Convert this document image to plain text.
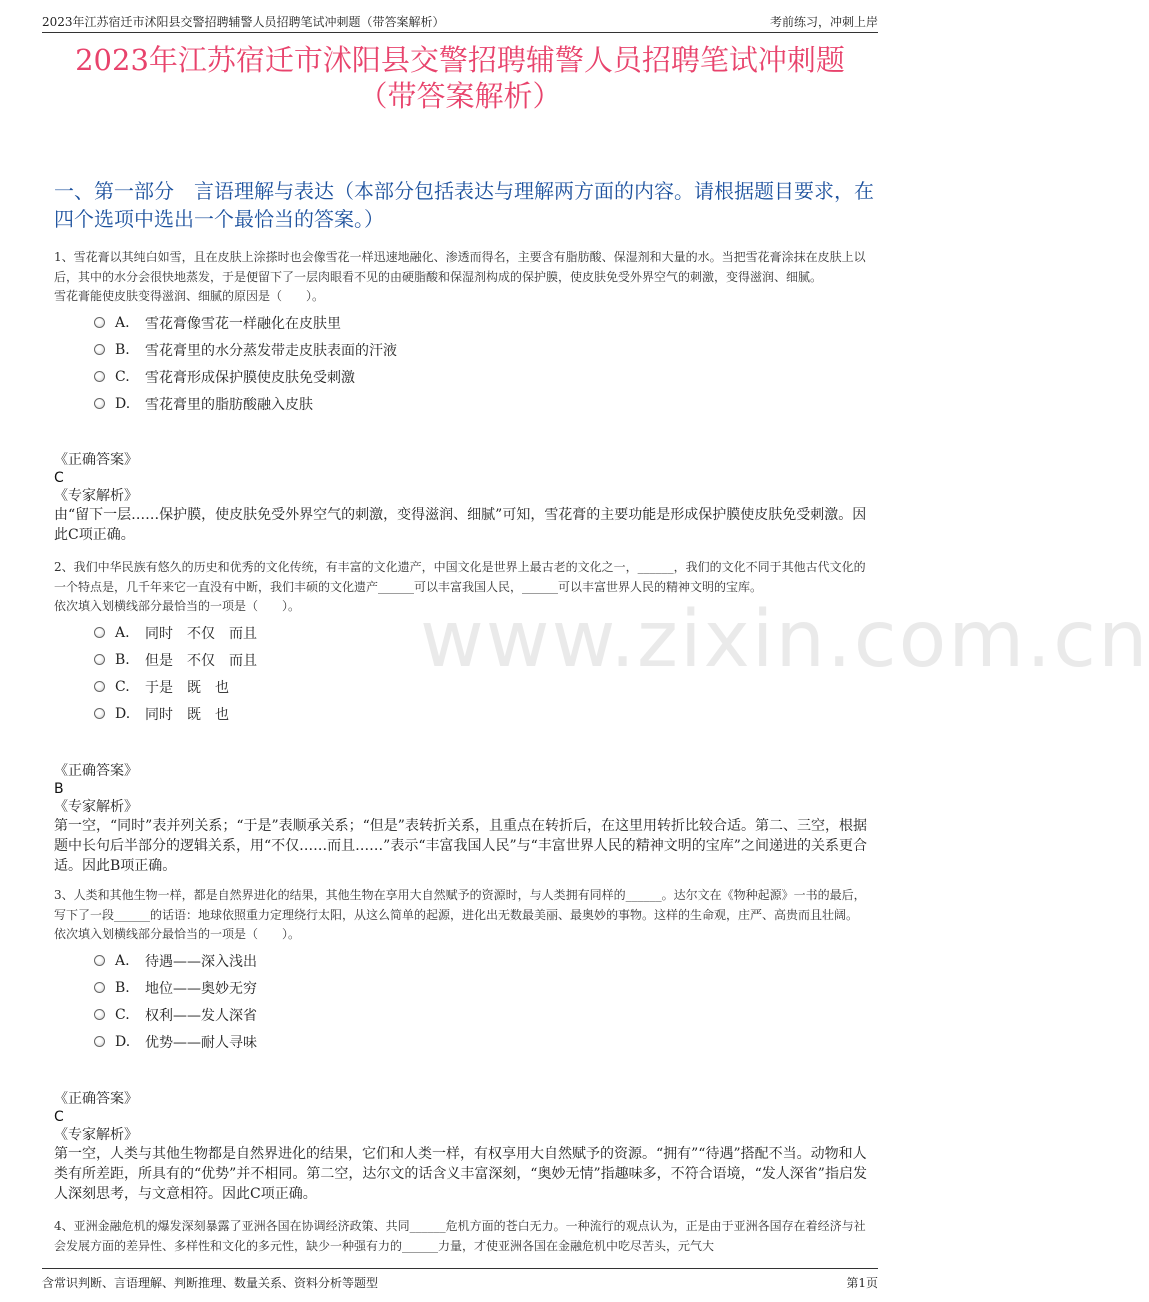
2023年江苏宿迁市沭阳县交警招聘辅警人员招聘笔试冲刺题（带答案解析）	考前练习，冲刺上岸
2023年江苏宿迁市沭阳县交警招聘辅警人员招聘笔试冲刺题
（带答案解析）
一、第一部分　言语理解与表达（本部分包括表达与理解两方面的内容。请根据题目要求，在四个选项中选出一个最恰当的答案。）
www.zixin.com.cn
1、雪花膏以其纯白如雪，且在皮肤上涂搽时也会像雪花一样迅速地融化、渗透而得名，主要含有脂肪酸、保湿剂和大量的水。当把雪花膏涂抹在皮肤上以后，其中的水分会很快地蒸发，于是便留下了一层肉眼看不见的由硬脂酸和保湿剂构成的保护膜，使皮肤免受外界空气的刺激，变得滋润、细腻。
雪花膏能使皮肤变得滋润、细腻的原因是（　　）。
A.	雪花膏像雪花一样融化在皮肤里
B.	雪花膏里的水分蒸发带走皮肤表面的汗液
C.	雪花膏形成保护膜使皮肤免受刺激
D.	雪花膏里的脂肪酸融入皮肤
《正确答案》
C
《专家解析》
由“留下一层……保护膜，使皮肤免受外界空气的刺激，变得滋润、细腻”可知，雪花膏的主要功能是形成保护膜使皮肤免受刺激。因此C项正确。
2、我们中华民族有悠久的历史和优秀的文化传统，有丰富的文化遗产，中国文化是世界上最古老的文化之一，______，我们的文化不同于其他古代文化的一个特点是，几千年来它一直没有中断，我们丰硕的文化遗产______可以丰富我国人民，______可以丰富世界人民的精神文明的宝库。
依次填入划横线部分最恰当的一项是（　　）。
A.	同时　不仅　而且
B.	但是　不仅　而且
C.	于是　既　也
D.	同时　既　也
《正确答案》
B
《专家解析》
第一空，“同时”表并列关系；“于是”表顺承关系；“但是”表转折关系，且重点在转折后，在这里用转折比较合适。第二、三空，根据题中长句后半部分的逻辑关系，用“不仅……而且……”表示“丰富我国人民”与“丰富世界人民的精神文明的宝库”之间递进的关系更合适。因此B项正确。
3、人类和其他生物一样，都是自然界进化的结果，其他生物在享用大自然赋予的资源时，与人类拥有同样的______。达尔文在《物种起源》一书的最后，写下了一段______的话语：地球依照重力定理绕行太阳，从这么简单的起源，进化出无数最美丽、最奥妙的事物。这样的生命观，庄严、高贵而且壮阔。
依次填入划横线部分最恰当的一项是（　　）。
A.	待遇——深入浅出
B.	地位——奥妙无穷
C.	权利——发人深省
D.	优势——耐人寻味
《正确答案》
C
《专家解析》
第一空，人类与其他生物都是自然界进化的结果，它们和人类一样，有权享用大自然赋予的资源。“拥有”“待遇”搭配不当。动物和人类有所差距，所具有的“优势”并不相同。第二空，达尔文的话含义丰富深刻，“奥妙无情”指趣味多，不符合语境，“发人深省”指启发人深刻思考，与文意相符。因此C项正确。
4、亚洲金融危机的爆发深刻暴露了亚洲各国在协调经济政策、共同______危机方面的苍白无力。一种流行的观点认为，正是由于亚洲各国存在着经济与社会发展方面的差异性、多样性和文化的多元性，缺少一种强有力的______力量，才使亚洲各国在金融危机中吃尽苦头，元气大
含常识判断、言语理解、判断推理、数量关系、资料分析等题型	第1页
